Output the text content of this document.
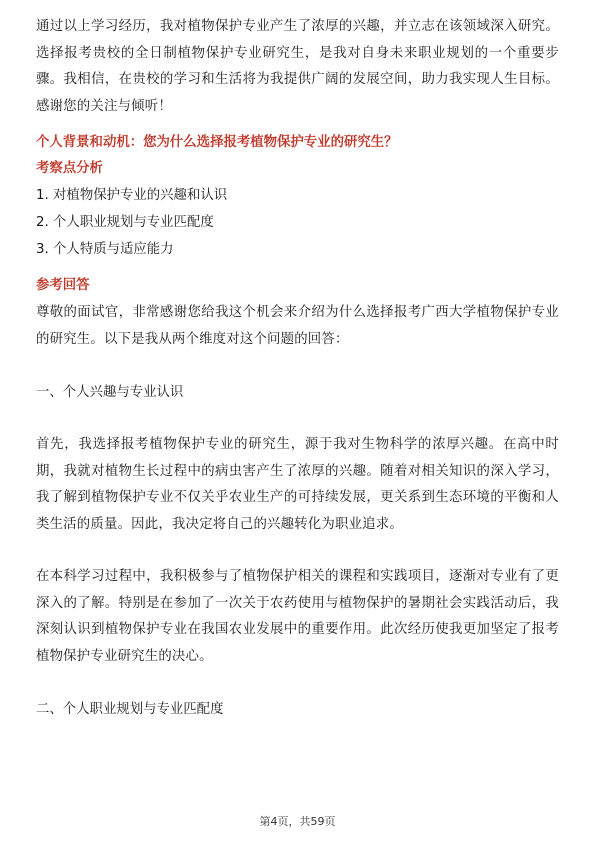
通过以上学习经历，我对植物保护专业产生了浓厚的兴趣，并立志在该领域深入研究。选择报考贵校的全日制植物保护专业研究生，是我对自身未来职业规划的一个重要步骤。我相信，在贵校的学习和生活将为我提供广阔的发展空间，助力我实现人生目标。感谢您的关注与倾听！

个人背景和动机：您为什么选择报考植物保护专业的研究生？
考察点分析
1. 对植物保护专业的兴趣和认识
2. 个人职业规划与专业匹配度
3. 个人特质与适应能力
参考回答

尊敬的面试官，非常感谢您给我这个机会来介绍为什么选择报考广西大学植物保护专业的研究生。以下是我从两个维度对这个问题的回答：

一、个人兴趣与专业认识

首先，我选择报考植物保护专业的研究生，源于我对生物科学的浓厚兴趣。在高中时期，我就对植物生长过程中的病虫害产生了浓厚的兴趣。随着对相关知识的深入学习，我了解到植物保护专业不仅关乎农业生产的可持续发展，更关系到生态环境的平衡和人类生活的质量。因此，我决定将自己的兴趣转化为职业追求。

在本科学习过程中，我积极参与了植物保护相关的课程和实践项目，逐渐对专业有了更深入的了解。特别是在参加了一次关于农药使用与植物保护的暑期社会实践活动后，我深刻认识到植物保护专业在我国农业发展中的重要作用。此次经历使我更加坚定了报考植物保护专业研究生的决心。

二、个人职业规划与专业匹配度
第4页，共59页
